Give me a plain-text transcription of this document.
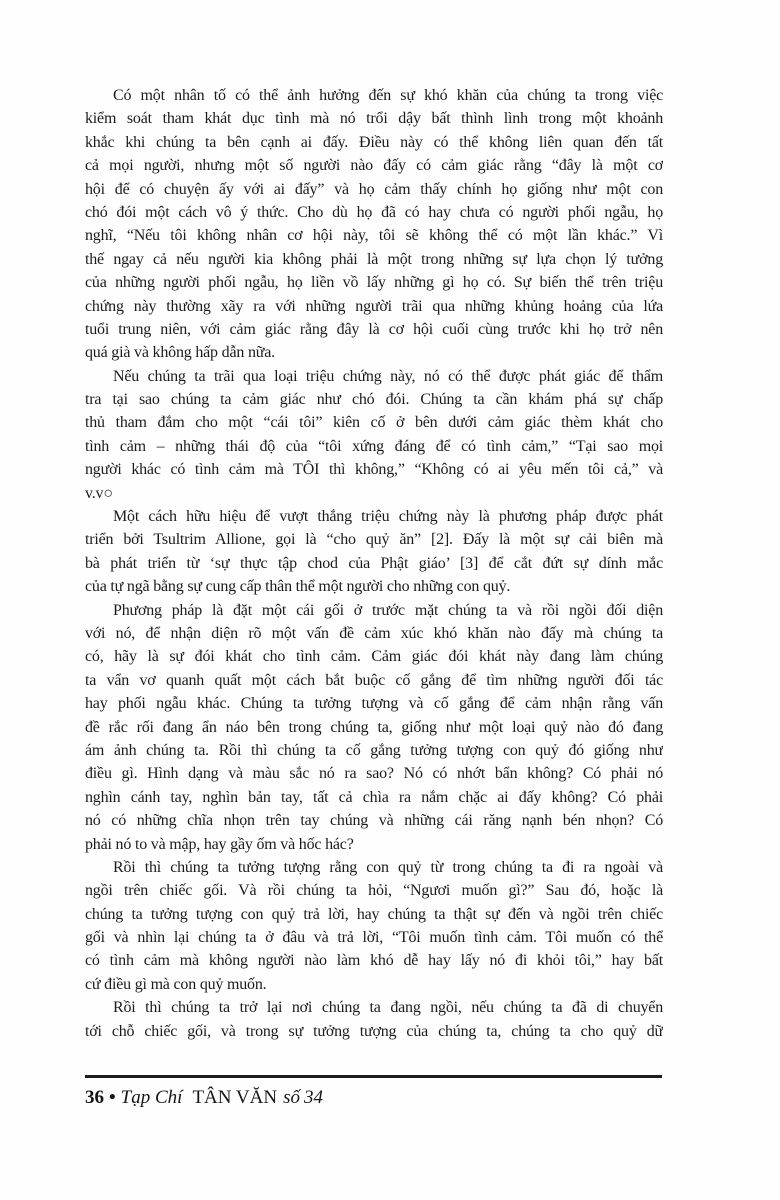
Có một nhân tố có thể ảnh hưởng đến sự khó khăn của chúng ta trong việc
kiểm soát tham khát dục tình mà nó trổi dậy bất thình lình trong một khoảnh
khắc khi chúng ta bên cạnh ai đấy. Điều này có thể không liên quan đến tất
cả mọi người, nhưng một số người nào đấy có cảm giác rằng “đây là một cơ
hội để có chuyện ấy với ai đấy” và họ cảm thấy chính họ giống như một con
chó đói một cách vô ý thức. Cho dù họ đã có hay chưa có người phối ngẫu, họ
nghĩ, “Nếu tôi không nhân cơ hội này, tôi sẽ không thể có một lần khác.” Vì
thế ngay cả nếu người kia không phải là một trong những sự lựa chọn lý tưởng
của những người phối ngẫu, họ liền vồ lấy những gì họ có. Sự biến thể trên triệu
chứng này thường xãy ra với những người trãi qua những khủng hoảng của lứa
tuổi trung niên, với cảm giác rằng đây là cơ hội cuối cùng trước khi họ trở nên
quá già và không hấp dẫn nữa.
Nếu chúng ta trãi qua loại triệu chứng này, nó có thể được phát giác để thẩm
tra tại sao chúng ta cảm giác như chó đói. Chúng ta cần khám phá sự chấp
thủ tham đắm cho một “cái tôi” kiên cố ở bên dưới cảm giác thèm khát cho
tình cảm – những thái độ của “tôi xứng đáng để có tình cảm,” “Tại sao mọi
người khác có tình cảm mà TÔI thì không,” “Không có ai yêu mến tôi cả,” và
v.v○
Một cách hữu hiệu để vượt thắng triệu chứng này là phương pháp được phát
triển bởi Tsultrim Allione, gọi là “cho quỷ ăn” [2]. Đấy là một sự cải biên mà
bà phát triển từ ‘sự thực tập chod của Phật giáo’ [3] để cắt đứt sự dính mắc
của tự ngã bằng sự cung cấp thân thể một người cho những con quỷ.
Phương pháp là đặt một cái gối ở trước mặt chúng ta và rồi ngồi đối diện
với nó, để nhận diện rõ một vấn đề cảm xúc khó khăn nào đấy mà chúng ta
có, hãy là sự đói khát cho tình cảm. Cảm giác đói khát này đang làm chúng
ta vẩn vơ quanh quất một cách bắt buộc cố gắng để tìm những người đối tác
hay phối ngẫu khác. Chúng ta tưởng tượng và cố gắng để cảm nhận rằng vấn
đề rắc rối đang ẩn náo bên trong chúng ta, giống như một loại quỷ nào đó đang
ám ảnh chúng ta. Rồi thì chúng ta cố gắng tưởng tượng con quỷ đó giống như
điều gì. Hình dạng và màu sắc nó ra sao? Nó có nhớt bẩn không? Có phải nó
nghìn cánh tay, nghìn bản tay, tất cả chìa ra nắm chặc ai đấy không? Có phải
nó có những chĩa nhọn trên tay chúng và những cái răng nạnh bén nhọn? Có
phải nó to và mập, hay gầy ốm và hốc hác?
Rồi thì chúng ta tưởng tượng rằng con quỷ từ trong chúng ta đi ra ngoài và
ngồi trên chiếc gối. Và rồi chúng ta hỏi, “Ngươi muốn gì?” Sau đó, hoặc là
chúng ta tưởng tượng con quỷ trả lời, hay chúng ta thật sự đến và ngồi trên chiếc
gối và nhìn lại chúng ta ở đâu và trả lời, “Tôi muốn tình cảm. Tôi muốn có thể
có tình cảm mà không người nào làm khó dễ hay lấy nó đi khỏi tôi,” hay bất
cứ điều gì mà con quỷ muốn.
Rồi thì chúng ta trở lại nơi chúng ta đang ngồi, nếu chúng ta đã di chuyển
tới chỗ chiếc gối, và trong sự tưởng tượng của chúng ta, chúng ta cho quỷ dữ
36 • Tạp Chí TÂN VĂN số 34
